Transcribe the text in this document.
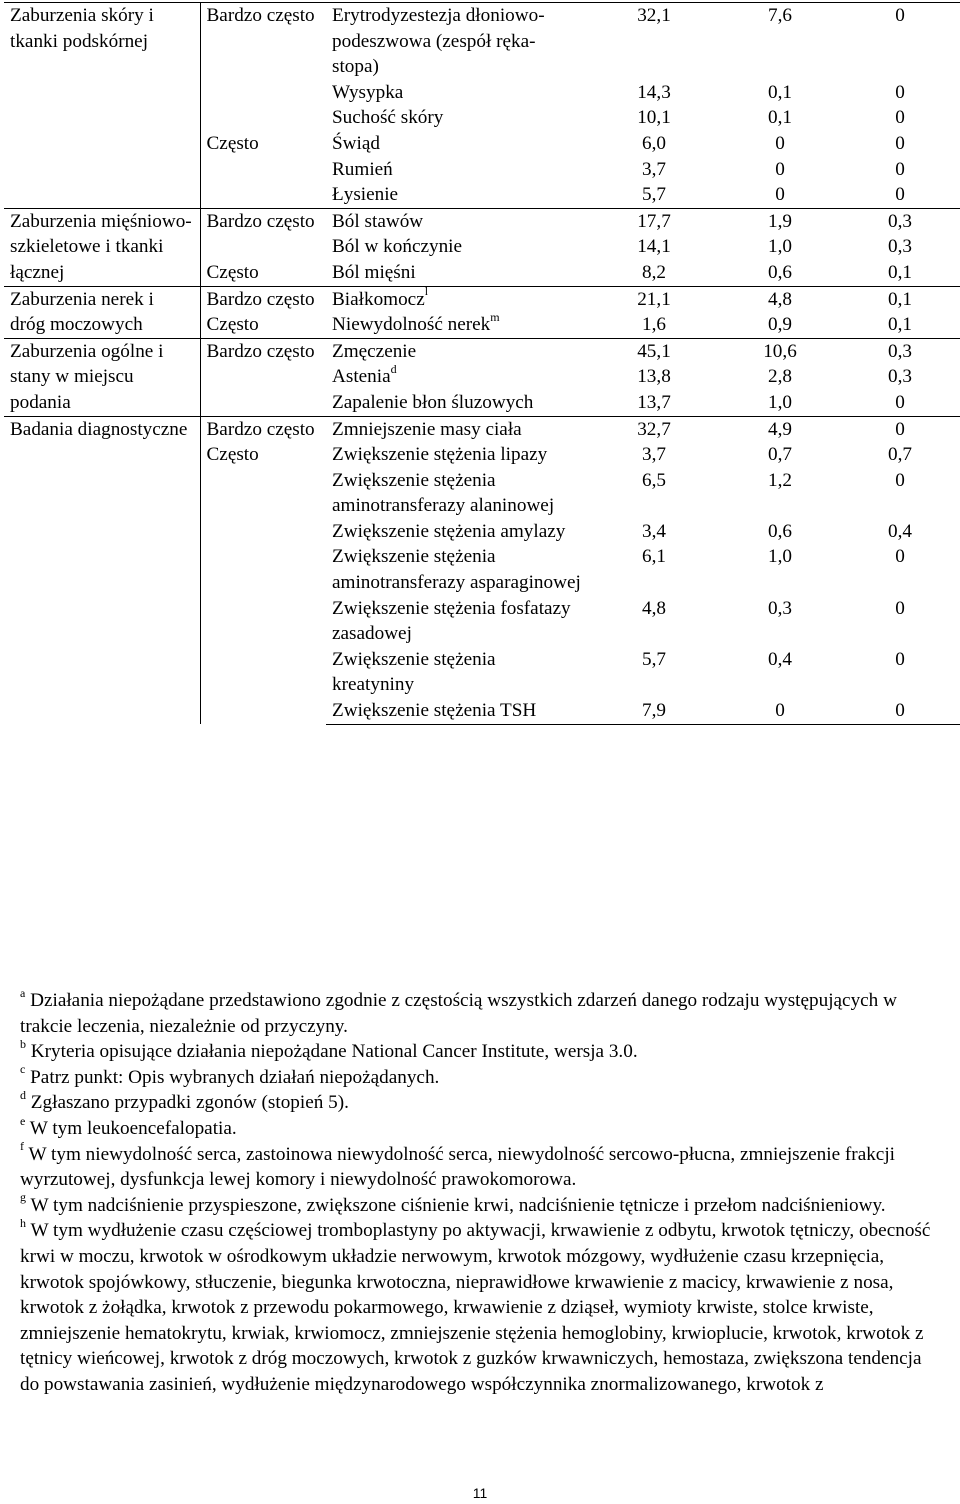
Zaburzenia skóry i tkanki podskórnej	Bardzo często	Erytrodyzestezja dłoniowo-podeszwowa (zespół ręka-stopa)	32,1	7,6	0
		Wysypka	14,3	0,1	0
		Suchość skóry	10,1	0,1	0
	Często	Świąd	6,0	0	0
		Rumień	3,7	0	0
		Łysienie	5,7	0	0
Zaburzenia mięśniowo-szkieletowe i tkanki łącznej	Bardzo często	Ból stawów	17,7	1,9	0,3
		Ból w kończynie	14,1	1,0	0,3
	Często	Ból mięśni	8,2	0,6	0,1
Zaburzenia nerek i dróg moczowych	Bardzo często	Białkomocz$^l$	21,1	4,8	0,1
	Często	Niewydolność nerek$^m$	1,6	0,9	0,1
Zaburzenia ogólne i stany w miejscu podania	Bardzo często	Zmęczenie	45,1	10,6	0,3
		Astenia$^d$	13,8	2,8	0,3
		Zapalenie błon śluzowych	13,7	1,0	0
Badania diagnostyczne	Bardzo często	Zmniejszenie masy ciała	32,7	4,9	0
	Często	Zwiększenie stężenia lipazy	3,7	0,7	0,7
		Zwiększenie stężenia aminotransferazy alaninowej	6,5	1,2	0
		Zwiększenie stężenia amylazy	3,4	0,6	0,4
		Zwiększenie stężenia aminotransferazy asparaginowej	6,1	1,0	0
		Zwiększenie stężenia fosfatazy zasadowej	4,8	0,3	0
		Zwiększenie stężenia kreatyniny	5,7	0,4	0
		Zwiększenie stężenia TSH	7,9	0	0

$^a$ Działania niepożądane przedstawiono zgodnie z częstością wszystkich zdarzeń danego rodzaju występujących w trakcie leczenia, niezależnie od przyczyny.

$^b$ Kryteria opisujące działania niepożądane National Cancer Institute, wersja 3.0.

$^c$ Patrz punkt: Opis wybranych działań niepożądanych.

$^d$ Zgłaszano przypadki zgonów (stopień 5).

$^e$ W tym leukoencefalopatia.

$^f$ W tym niewydolność serca, zastoinowa niewydolność serca, niewydolność sercowo-płucna, zmniejszenie frakcji wyrzutowej, dysfunkcja lewej komory i niewydolność prawokomorowa.

$^g$ W tym nadciśnienie przyspieszone, zwiększone ciśnienie krwi, nadciśnienie tętnicze i przełom nadciśnieniowy.

$^h$ W tym wydłużenie czasu częściowej tromboplastyny po aktywacji, krwawienie z odbytu, krwotok tętniczy, obecność krwi w moczu, krwotok w ośrodkowym układzie nerwowym, krwotok mózgowy, wydłużenie czasu krzepnięcia, krwotok spojówkowy, stłuczenie, biegunka krwotoczna, nieprawidłowe krwawienie z macicy, krwawienie z nosa, krwotok z żołądka, krwotok z przewodu pokarmowego, krwawienie z dziąseł, wymioty krwiste, stolce krwiste, zmniejszenie hematokrytu, krwiak, krwiomocz, zmniejszenie stężenia hemoglobiny, krwioplucie, krwotok, krwotok z tętnicy wieńcowej, krwotok z dróg moczowych, krwotok z guzków krwawniczych, hemostaza, zwiększona tendencja do powstawania zasinień, wydłużenie międzynarodowego współczynnika znormalizowanego, krwotok z

11
